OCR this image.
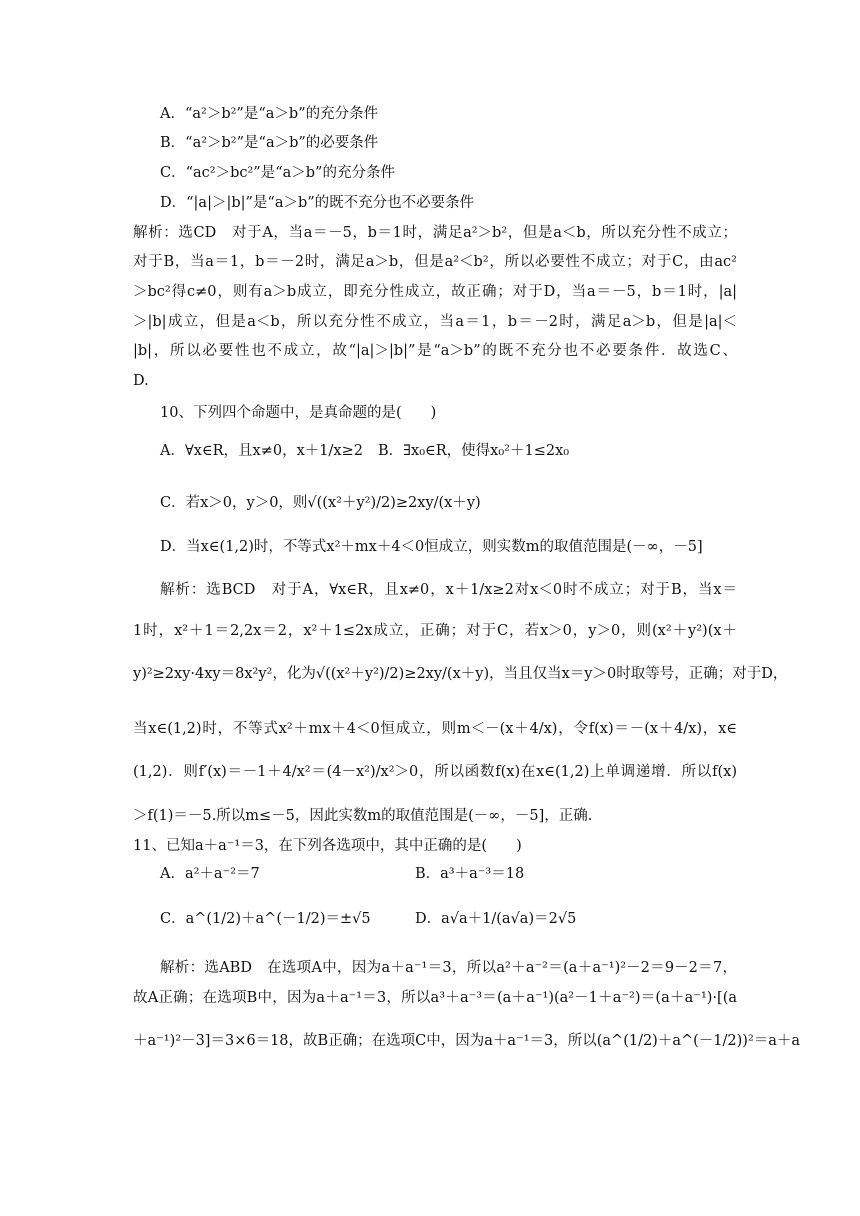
A．“a²＞b²”是“a＞b”的充分条件
B．“a²＞b²”是“a＞b”的必要条件
C．“ac²＞bc²”是“a＞b”的充分条件
D．“|a|＞|b|”是“a＞b”的既不充分也不必要条件
解析：选CD　对于A，当a＝－5，b＝1时，满足a²＞b²，但是a＜b，所以充分性不成立；
对于B，当a＝1，b＝－2时，满足a＞b，但是a²＜b²，所以必要性不成立；对于C，由ac²
＞bc²得c≠0，则有a＞b成立，即充分性成立，故正确；对于D，当a＝－5，b＝1时，|a|
＞|b|成立，但是a＜b，所以充分性不成立，当a＝1，b＝－2时，满足a＞b，但是|a|＜
|b|，所以必要性也不成立，故“|a|＞|b|”是“a＞b”的既不充分也不必要条件．故选C、
D.
10、下列四个命题中，是真命题的是(　　)
A．∀x∈R，且x≠0，x＋1/x≥2 B．∃x₀∈R，使得x₀²＋1≤2x₀
C．若x＞0，y＞0，则√((x²＋y²)/2)≥2xy/(x＋y)
D．当x∈(1,2)时，不等式x²＋mx＋4＜0恒成立，则实数m的取值范围是(－∞，－5]
解析：选BCD　对于A，∀x∈R，且x≠0，x＋1/x≥2对x＜0时不成立；对于B，当x＝
1时，x²＋1＝2,2x＝2，x²＋1≤2x成立，正确；对于C，若x＞0，y＞0，则(x²＋y²)(x＋
y)²≥2xy·4xy＝8x²y²，化为√((x²＋y²)/2)≥2xy/(x＋y)，当且仅当x＝y＞0时取等号，正确；对于D，
当x∈(1,2)时，不等式x²＋mx＋4＜0恒成立，则m＜－(x＋4/x)，令f(x)＝－(x＋4/x)，x∈
(1,2)．则f′(x)＝－1＋4/x²＝(4－x²)/x²＞0，所以函数f(x)在x∈(1,2)上单调递增．所以f(x)
＞f(1)＝－5.所以m≤－5，因此实数m的取值范围是(－∞，－5]，正确.
11、已知a＋a⁻¹＝3，在下列各选项中，其中正确的是(　　)
A．a²＋a⁻²＝7	B．a³＋a⁻³＝18
C．a^(1/2)＋a^(－1/2)＝±√5	D．a√a＋1/(a√a)＝2√5
解析：选ABD　在选项A中，因为a＋a⁻¹＝3，所以a²＋a⁻²＝(a＋a⁻¹)²－2＝9－2＝7，
故A正确；在选项B中，因为a＋a⁻¹＝3，所以a³＋a⁻³＝(a＋a⁻¹)(a²－1＋a⁻²)＝(a＋a⁻¹)·[(a
＋a⁻¹)²－3]＝3×6＝18，故B正确；在选项C中，因为a＋a⁻¹＝3，所以(a^(1/2)＋a^(－1/2))²＝a＋a
